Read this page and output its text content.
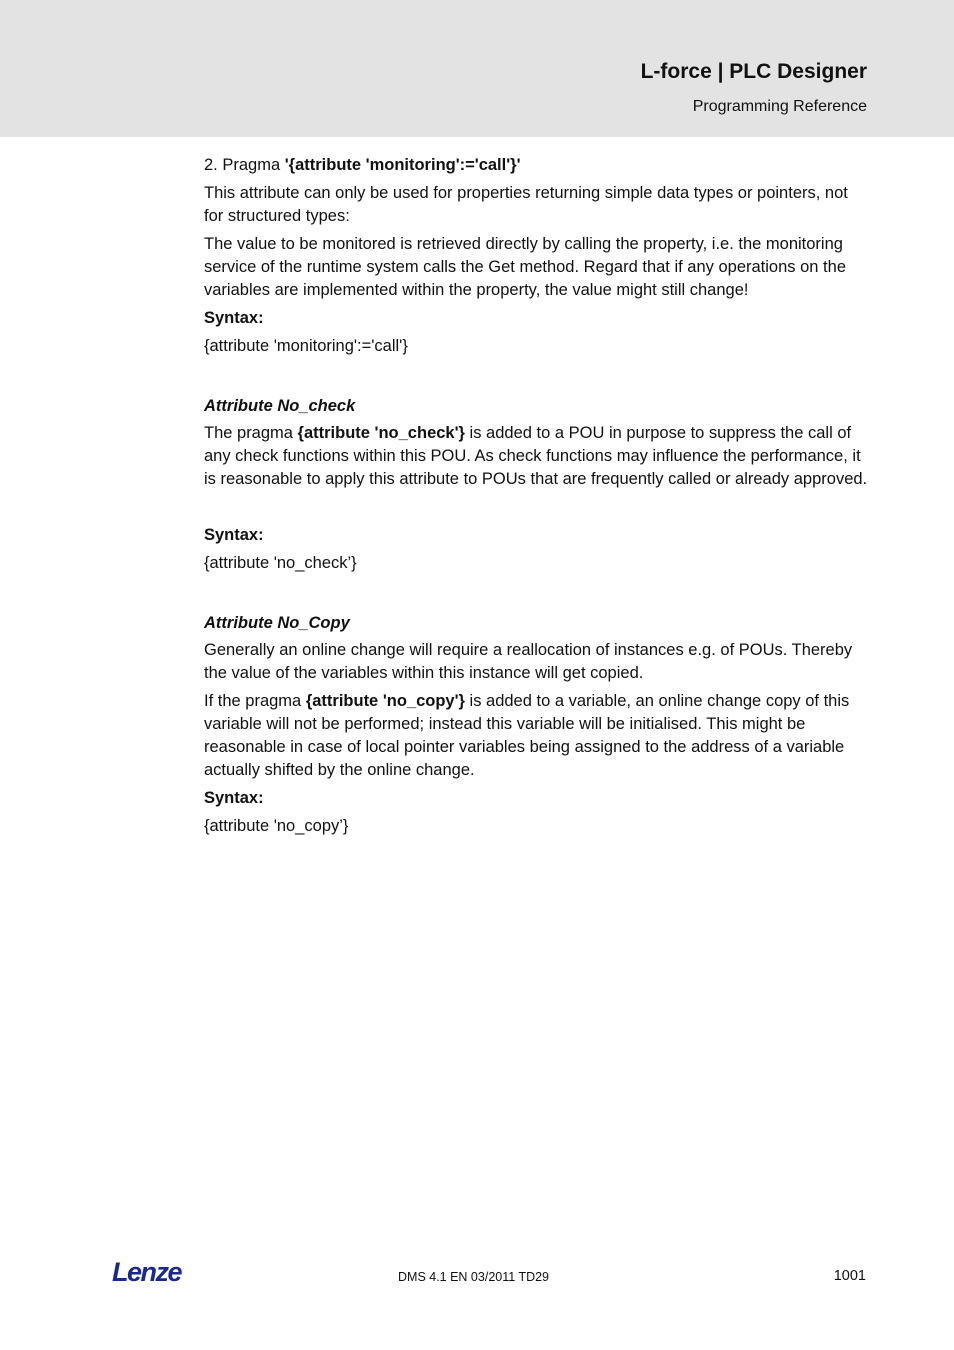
L-force | PLC Designer
Programming Reference

2. Pragma '{attribute 'monitoring':='call'}'

This attribute can only be used for properties returning simple data types or pointers, not for structured types:

The value to be monitored is retrieved directly by calling the property, i.e. the monitoring service of the runtime system calls the Get method. Regard that if any operations on the variables are implemented within the property, the value might still change!

Syntax:

{attribute 'monitoring':='call'}

Attribute No_check

The pragma {attribute 'no_check'} is added to a POU in purpose to suppress the call of any check functions within this POU. As check functions may influence the performance, it is reasonable to apply this attribute to POUs that are frequently called or already approved.

Syntax:

{attribute 'no_check’}

Attribute No_Copy

Generally an online change will require a reallocation of instances e.g. of POUs. Thereby the value of the variables within this instance will get copied.

If the pragma {attribute 'no_copy'} is added to a variable, an online change copy of this variable will not be performed; instead this variable will be initialised. This might be reasonable in case of local pointer variables being assigned to the address of a variable actually shifted by the online change.

Syntax:

{attribute 'no_copy’}

Lenze	DMS 4.1 EN 03/2011 TD29	1001
